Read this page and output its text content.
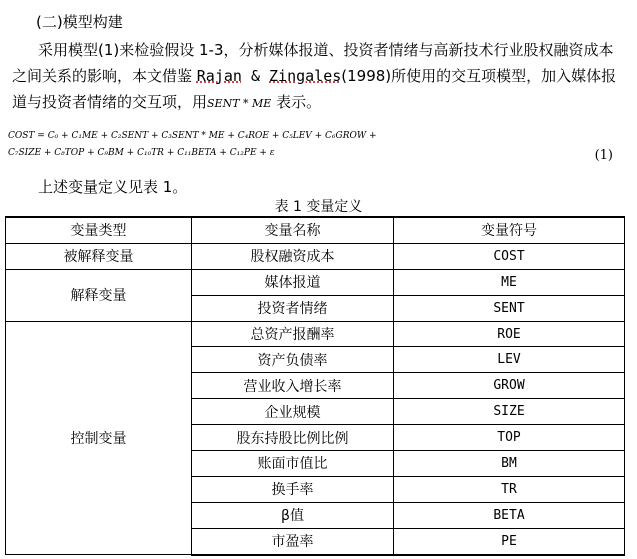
(二)模型构建
采用模型(1)来检验假设 1-3，分析媒体报道、投资者情绪与高新技术行业股权融资成本之间关系的影响，本文借鉴 Rajan & Zingales(1998)所使用的交互项模型，加入媒体报道与投资者情绪的交互项，用SENT * ME 表示。
COST = C₀ + C₁ME + C₂SENT + C₃SENT * ME + C₄ROE + C₅LEV + C₆GROW +
C₇SIZE + C₈TOP + C₉BM + C₁₀TR + C₁₁BETA + C₁₂PE + ε	(1)
上述变量定义见表 1。
表 1 变量定义
变量类型	变量名称	变量符号
被解释变量	股权融资成本	COST
解释变量	媒体报道	ME
	投资者情绪	SENT
控制变量	总资产报酬率	ROE
	资产负债率	LEV
	营业收入增长率	GROW
	企业规模	SIZE
	股东持股比例比例	TOP
	账面市值比	BM
	换手率	TR
	β值	BETA
	市盈率	PE
